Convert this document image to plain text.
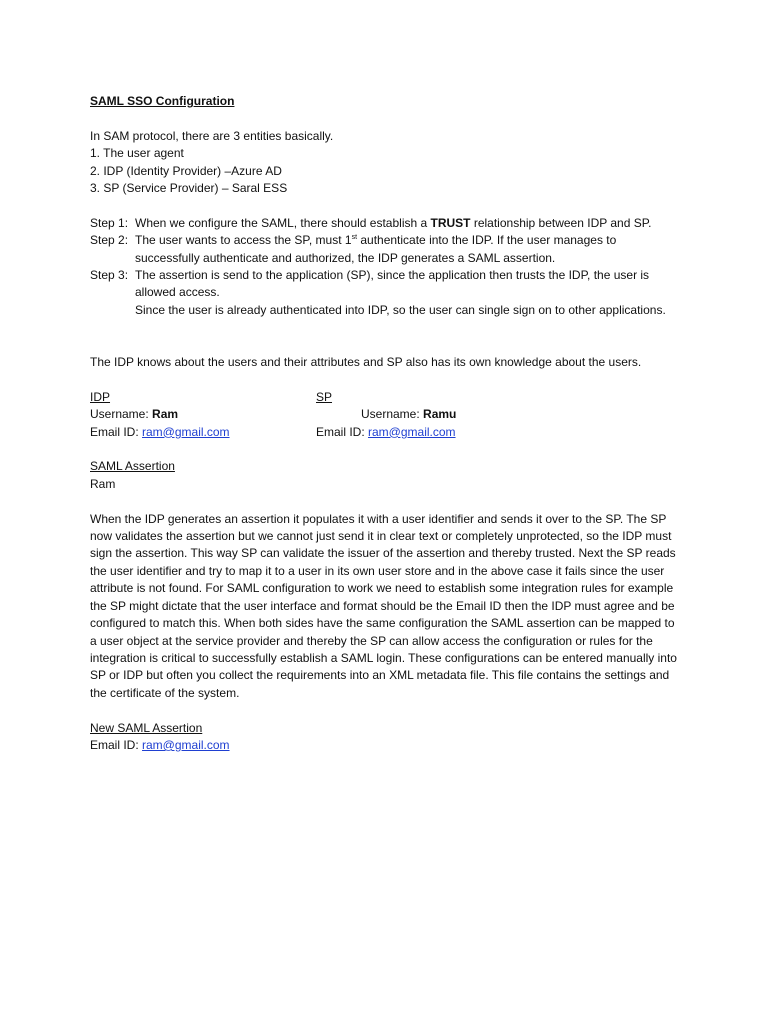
SAML SSO Configuration
In SAM protocol, there are 3 entities basically.
1. The user agent
2. IDP (Identity Provider) –Azure AD
3. SP (Service Provider) – Saral ESS
Step 1: When we configure the SAML, there should establish a TRUST relationship between IDP and SP.
Step 2: The user wants to access the SP, must 1st authenticate into the IDP. If the user manages to successfully authenticate and authorized, the IDP generates a SAML assertion.
Step 3: The assertion is send to the application (SP), since the application then trusts the IDP, the user is allowed access.
Since the user is already authenticated into IDP, so the user can single sign on to other applications.
The IDP knows about the users and their attributes and SP also has its own knowledge about the users.
IDP
Username: Ram
Email ID: ram@gmail.com
SP
Username: Ramu
Email ID: ram@gmail.com
SAML Assertion
Ram
When the IDP generates an assertion it populates it with a user identifier and sends it over to the SP. The SP now validates the assertion but we cannot just send it in clear text or completely unprotected, so the IDP must sign the assertion. This way SP can validate the issuer of the assertion and thereby trusted. Next the SP reads the user identifier and try to map it to a user in its own user store and in the above case it fails since the user attribute is not found. For SAML configuration to work we need to establish some integration rules for example the SP might dictate that the user interface and format should be the Email ID then the IDP must agree and be configured to match this. When both sides have the same configuration the SAML assertion can be mapped to a user object at the service provider and thereby the SP can allow access the configuration or rules for the integration is critical to successfully establish a SAML login. These configurations can be entered manually into SP or IDP but often you collect the requirements into an XML metadata file. This file contains the settings and the certificate of the system.
New SAML Assertion
Email ID: ram@gmail.com
